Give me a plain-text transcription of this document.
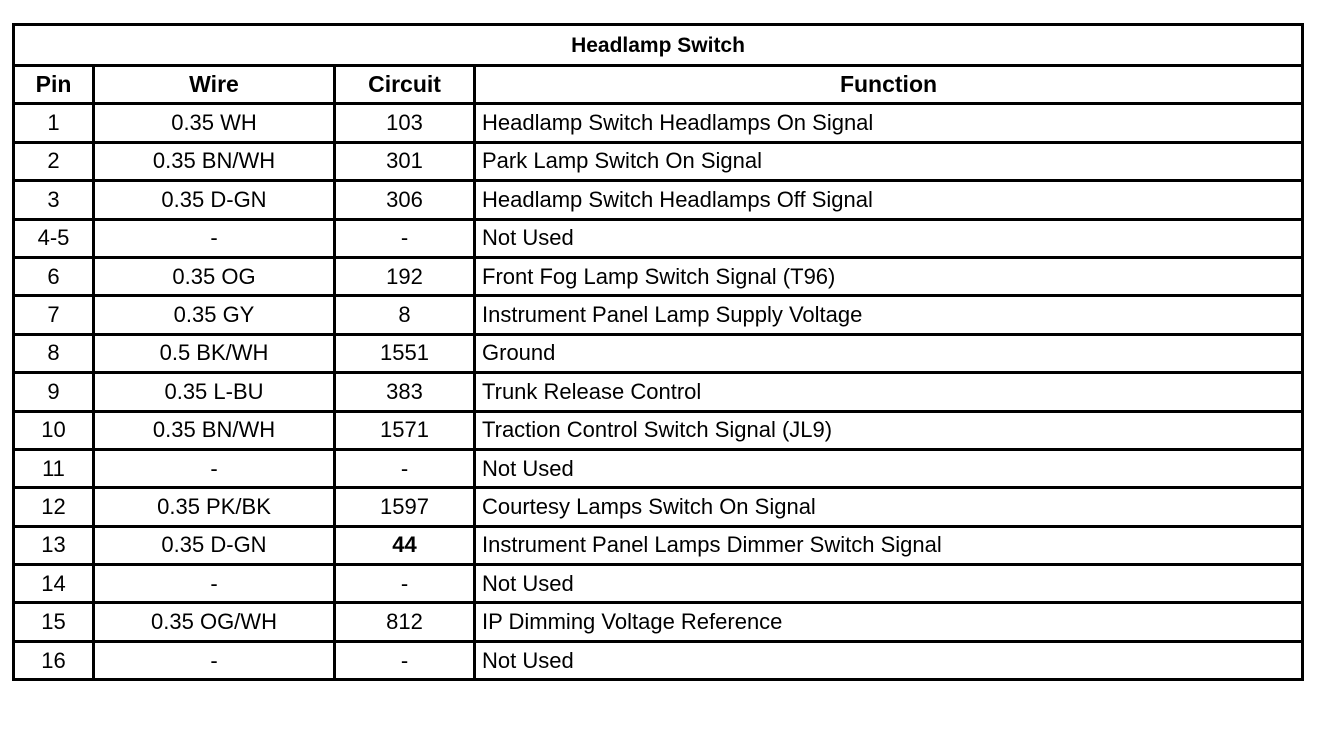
Headlamp Switch			
Pin	Wire	Circuit	Function
1	0.35 WH	103	Headlamp Switch Headlamps On Signal
2	0.35 BN/WH	301	Park Lamp Switch On Signal
3	0.35 D-GN	306	Headlamp Switch Headlamps Off Signal
4-5	-	-	Not Used
6	0.35 OG	192	Front Fog Lamp Switch Signal (T96)
7	0.35 GY	8	Instrument Panel Lamp Supply Voltage
8	0.5 BK/WH	1551	Ground
9	0.35 L-BU	383	Trunk Release Control
10	0.35 BN/WH	1571	Traction Control Switch Signal (JL9)
11	-	-	Not Used
12	0.35 PK/BK	1597	Courtesy Lamps Switch On Signal
13	0.35 D-GN	44	Instrument Panel Lamps Dimmer Switch Signal
14	-	-	Not Used
15	0.35 OG/WH	812	IP Dimming Voltage Reference
16	-	-	Not Used
